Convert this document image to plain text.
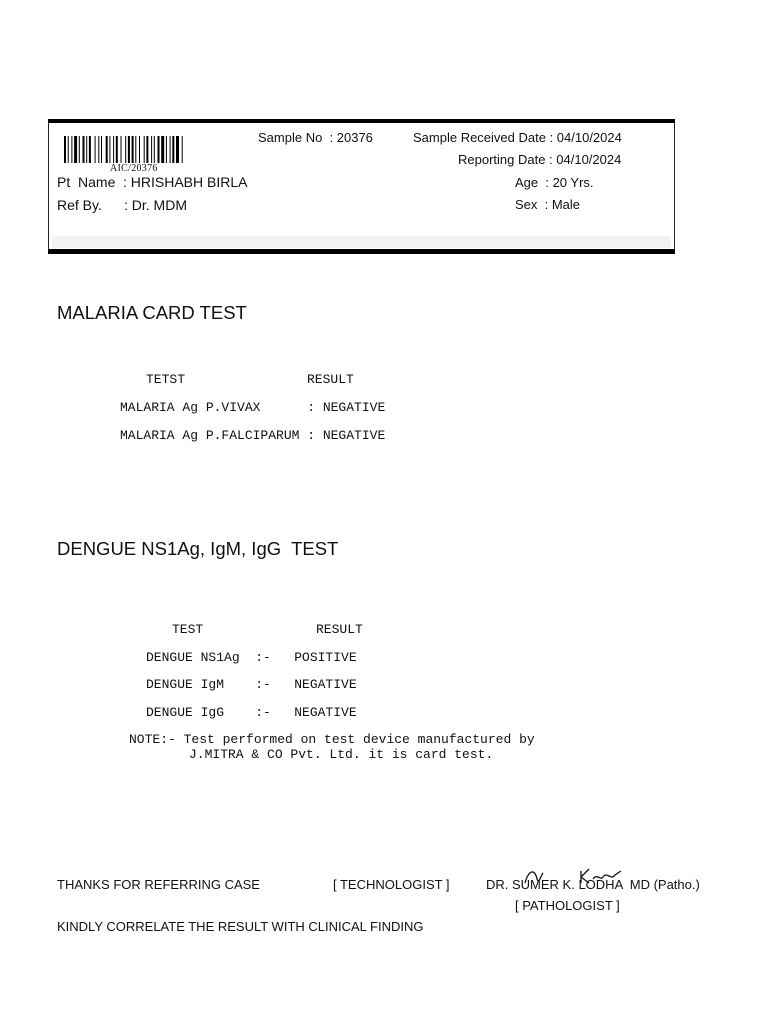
AIC/20376
Sample No  : 20376	Sample Received Date : 04/10/2024
Reporting Date : 04/10/2024
Pt  Name : HRISHABH BIRLA	Age  : 20 Yrs.
Ref By. : Dr. MDM	Sex  : Male
MALARIA CARD TEST
TETST	RESULT
MALARIA Ag P.VIVAX      : NEGATIVE
MALARIA Ag P.FALCIPARUM : NEGATIVE
DENGUE NS1Ag, IgM, IgG  TEST
TEST	RESULT
DENGUE NS1Ag  :-   POSITIVE
DENGUE IgM    :-   NEGATIVE
DENGUE IgG    :-   NEGATIVE
NOTE:- Test performed on test device manufactured by
J.MITRA & CO Pvt. Ltd. it is card test.
THANKS FOR REFERRING CASE	[ TECHNOLOGIST ]	DR. SUMER K. LODHA  MD (Patho.)
[ PATHOLOGIST ]
KINDLY CORRELATE THE RESULT WITH CLINICAL FINDING
